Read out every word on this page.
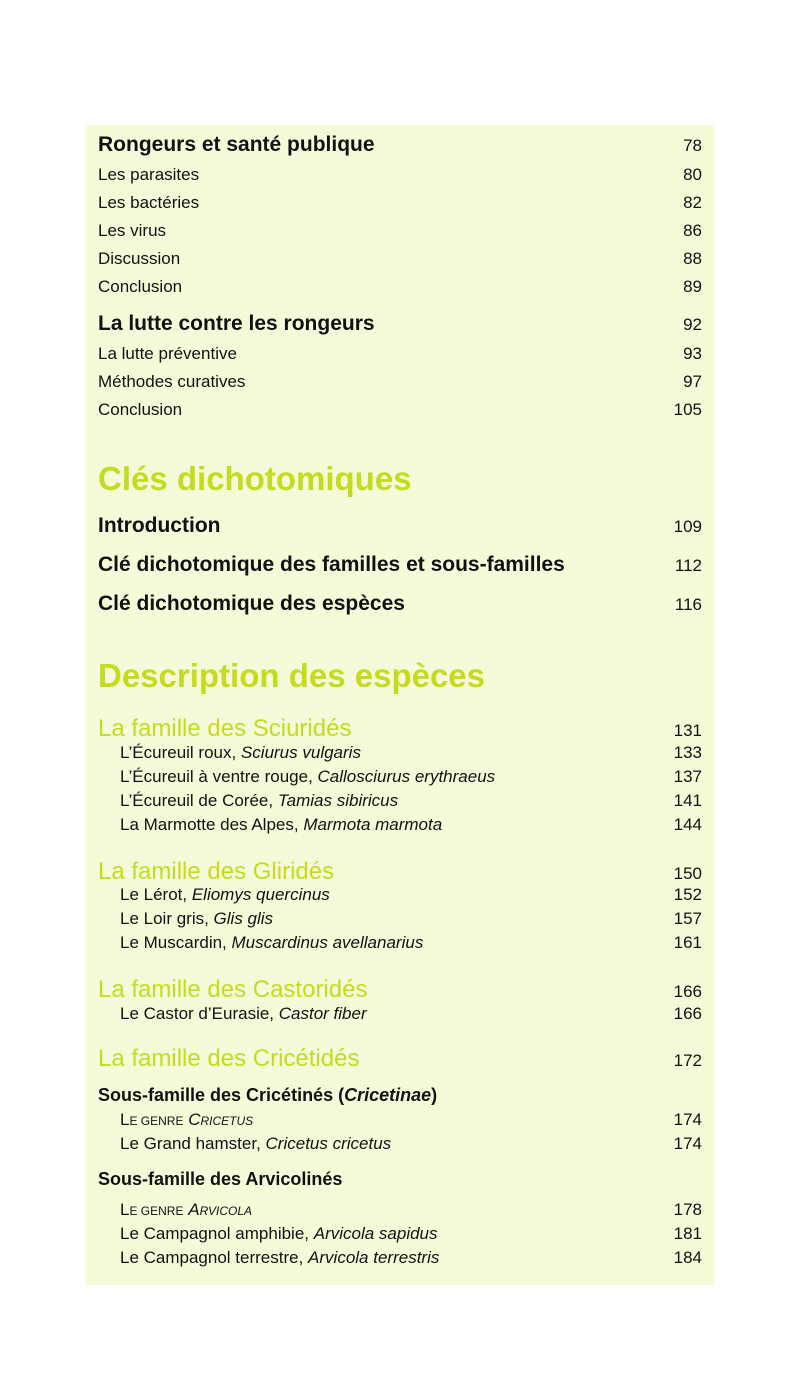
Rongeurs et santé publique	78
Les parasites	80
Les bactéries	82
Les virus	86
Discussion	88
Conclusion	89
La lutte contre les rongeurs	92
La lutte préventive	93
Méthodes curatives	97
Conclusion	105
Clés dichotomiques
Introduction	109
Clé dichotomique des familles et sous-familles	112
Clé dichotomique des espèces	116
Description des espèces
La famille des Sciuridés	131
L’Écureuil roux, Sciurus vulgaris	133
L’Écureuil à ventre rouge, Callosciurus erythraeus	137
L’Écureuil de Corée, Tamias sibiricus	141
La Marmotte des Alpes, Marmota marmota	144
La famille des Gliridés	150
Le Lérot, Eliomys quercinus	152
Le Loir gris, Glis glis	157
Le Muscardin, Muscardinus avellanarius	161
La famille des Castoridés	166
Le Castor d’Eurasie, Castor fiber	166
La famille des Cricétidés	172
Sous-famille des Cricétinés (Cricetinae)
LE GENRE CRICETUS	174
Le Grand hamster, Cricetus cricetus	174
Sous-famille des Arvicolinés
LE GENRE ARVICOLA	178
Le Campagnol amphibie, Arvicola sapidus	181
Le Campagnol terrestre, Arvicola terrestris	184
